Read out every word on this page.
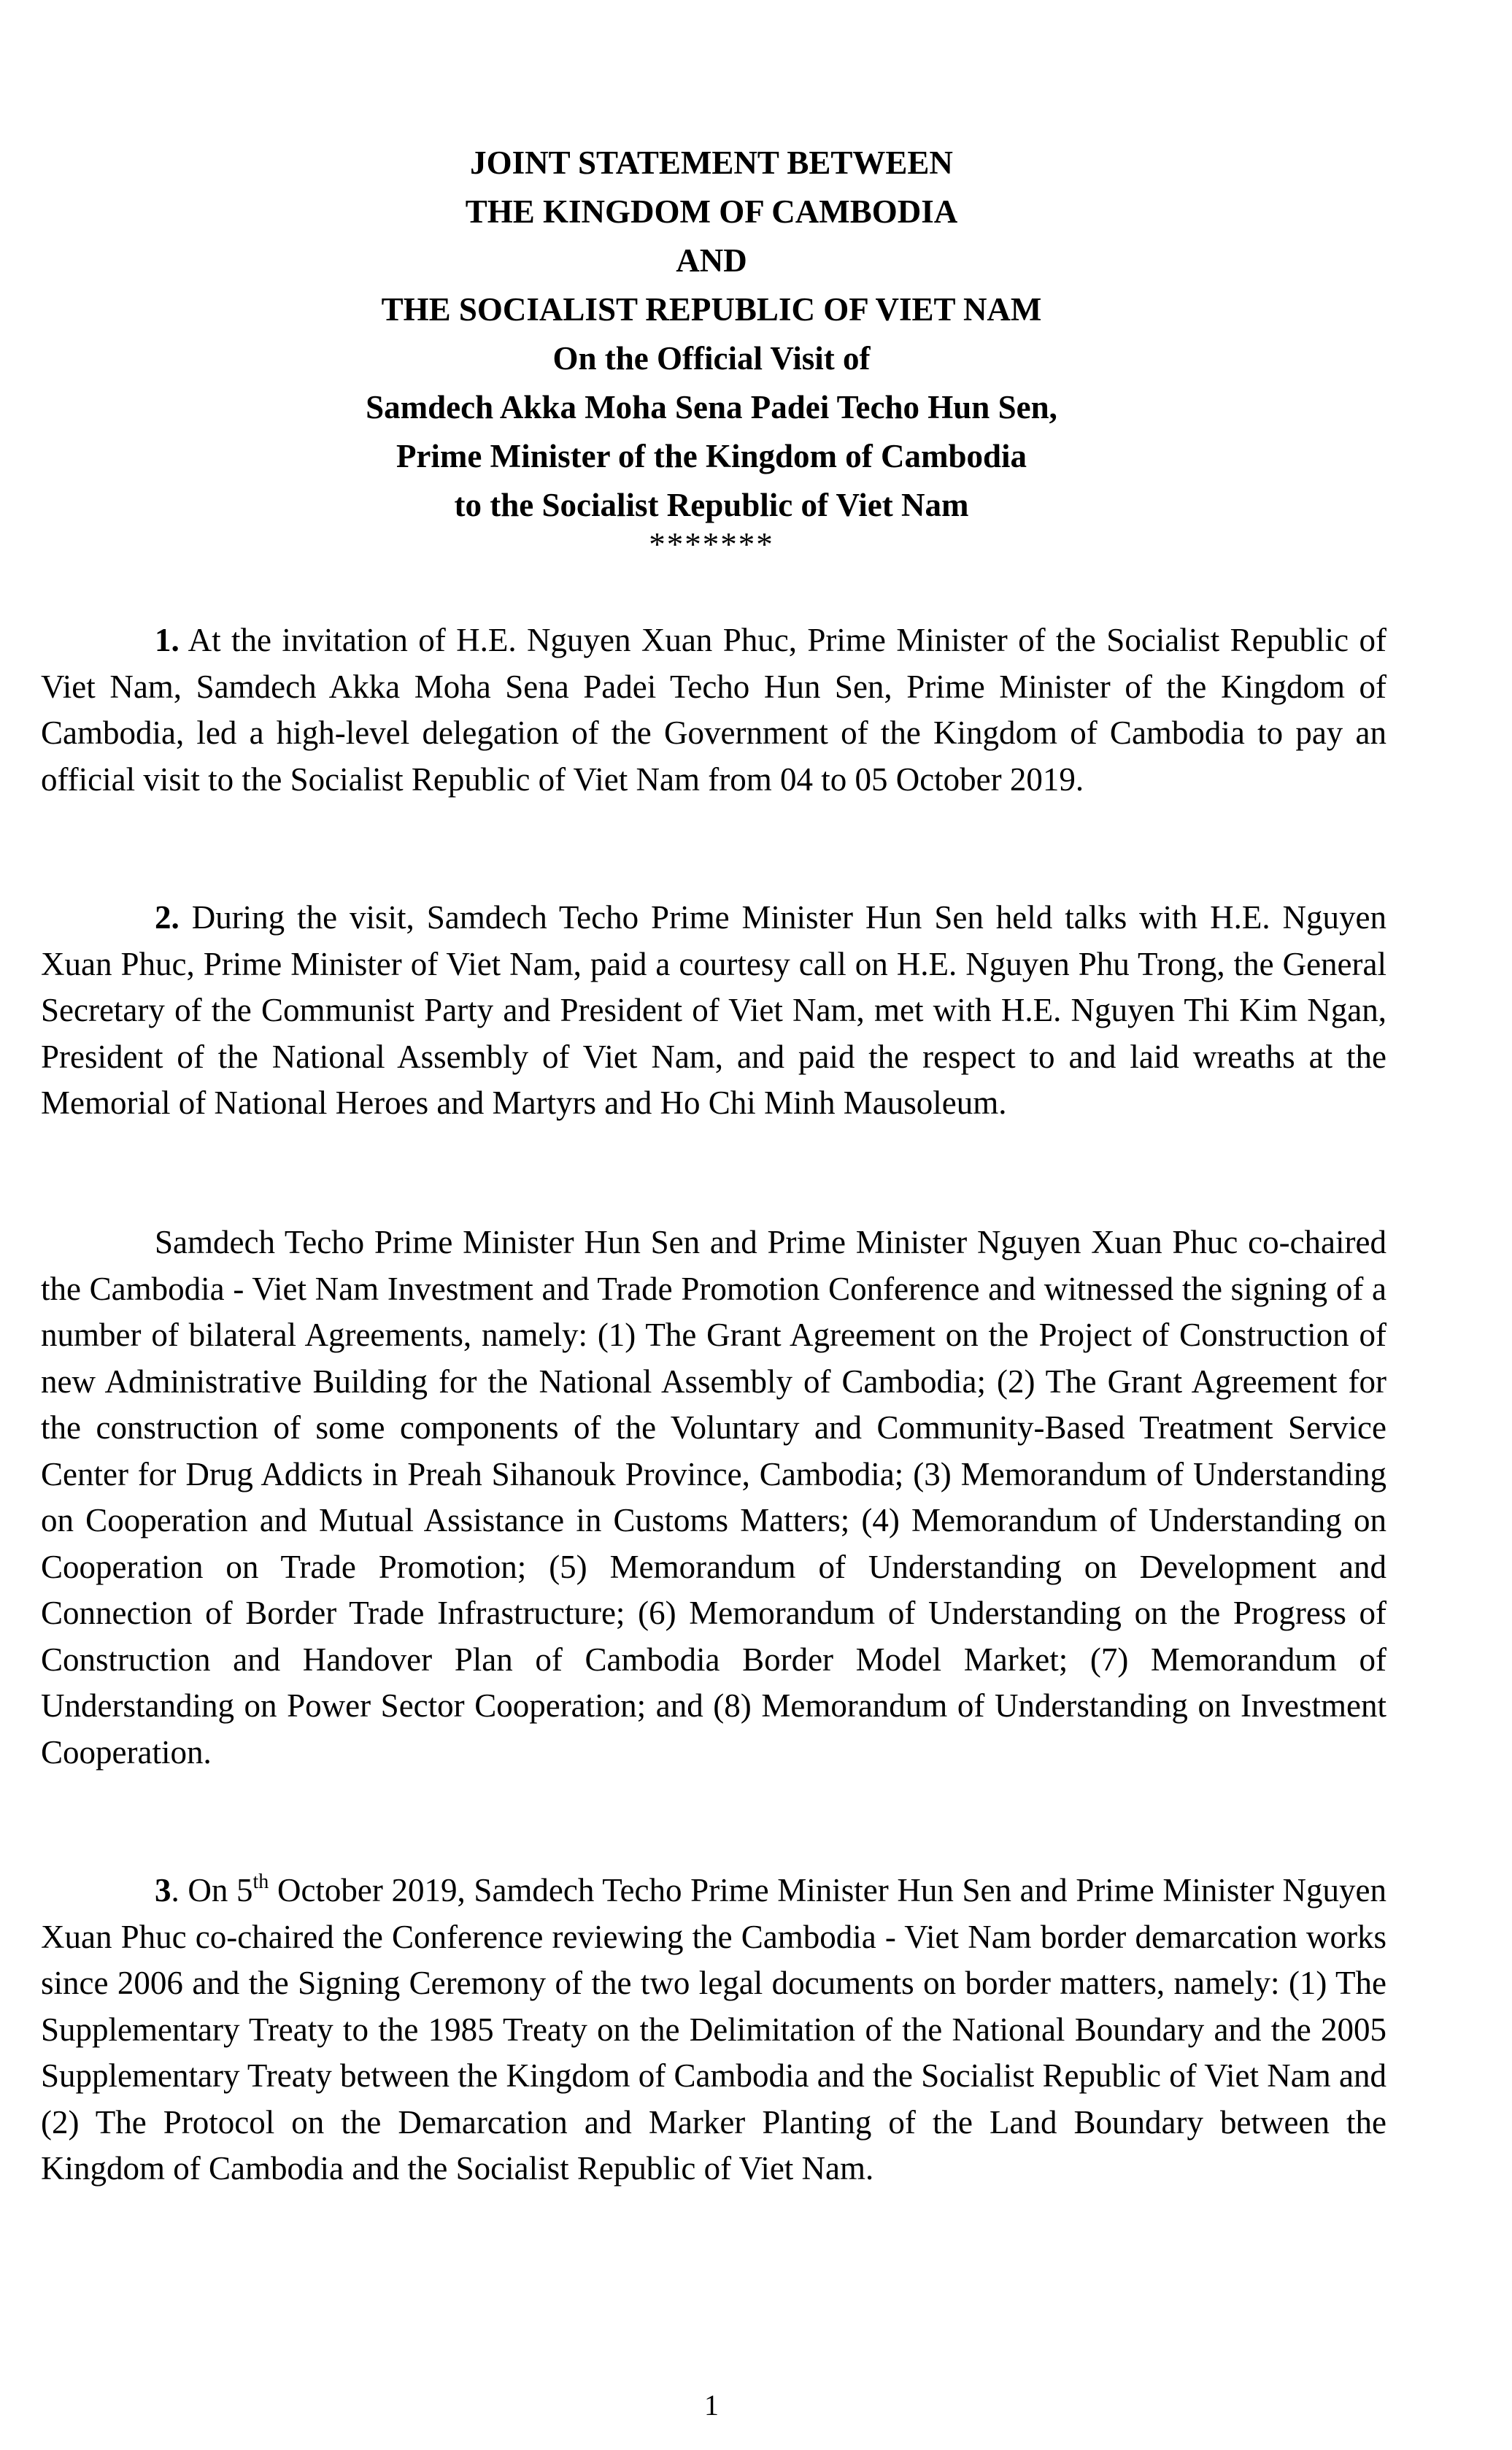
JOINT STATEMENT BETWEEN
THE KINGDOM OF CAMBODIA
AND
THE SOCIALIST REPUBLIC OF VIET NAM
On the Official Visit of
Samdech Akka Moha Sena Padei Techo Hun Sen,
Prime Minister of the Kingdom of Cambodia
to the Socialist Republic of Viet Nam
*******

1. At the invitation of H.E. Nguyen Xuan Phuc, Prime Minister of the Socialist Republic of Viet Nam, Samdech Akka Moha Sena Padei Techo Hun Sen, Prime Minister of the Kingdom of Cambodia, led a high-level delegation of the Government of the Kingdom of Cambodia to pay an official visit to the Socialist Republic of Viet Nam from 04 to 05 October 2019.

2. During the visit, Samdech Techo Prime Minister Hun Sen held talks with H.E. Nguyen Xuan Phuc, Prime Minister of Viet Nam, paid a courtesy call on H.E. Nguyen Phu Trong, the General Secretary of the Communist Party and President of Viet Nam, met with H.E. Nguyen Thi Kim Ngan, President of the National Assembly of Viet Nam, and paid the respect to and laid wreaths at the Memorial of National Heroes and Martyrs and Ho Chi Minh Mausoleum.

Samdech Techo Prime Minister Hun Sen and Prime Minister Nguyen Xuan Phuc co-chaired the Cambodia - Viet Nam Investment and Trade Promotion Conference and witnessed the signing of a number of bilateral Agreements, namely: (1) The Grant Agreement on the Project of Construction of new Administrative Building for the National Assembly of Cambodia; (2) The Grant Agreement for the construction of some components of the Voluntary and Community-Based Treatment Service Center for Drug Addicts in Preah Sihanouk Province, Cambodia; (3) Memorandum of Understanding on Cooperation and Mutual Assistance in Customs Matters; (4) Memorandum of Understanding on Cooperation on Trade Promotion; (5) Memorandum of Understanding on Development and Connection of Border Trade Infrastructure; (6) Memorandum of Understanding on the Progress of Construction and Handover Plan of Cambodia Border Model Market; (7) Memorandum of Understanding on Power Sector Cooperation; and (8) Memorandum of Understanding on Investment Cooperation.

3. On 5th October 2019, Samdech Techo Prime Minister Hun Sen and Prime Minister Nguyen Xuan Phuc co-chaired the Conference reviewing the Cambodia - Viet Nam border demarcation works since 2006 and the Signing Ceremony of the two legal documents on border matters, namely: (1) The Supplementary Treaty to the 1985 Treaty on the Delimitation of the National Boundary and the 2005 Supplementary Treaty between the Kingdom of Cambodia and the Socialist Republic of Viet Nam and (2) The Protocol on the Demarcation and Marker Planting of the Land Boundary between the Kingdom of Cambodia and the Socialist Republic of Viet Nam.

1
